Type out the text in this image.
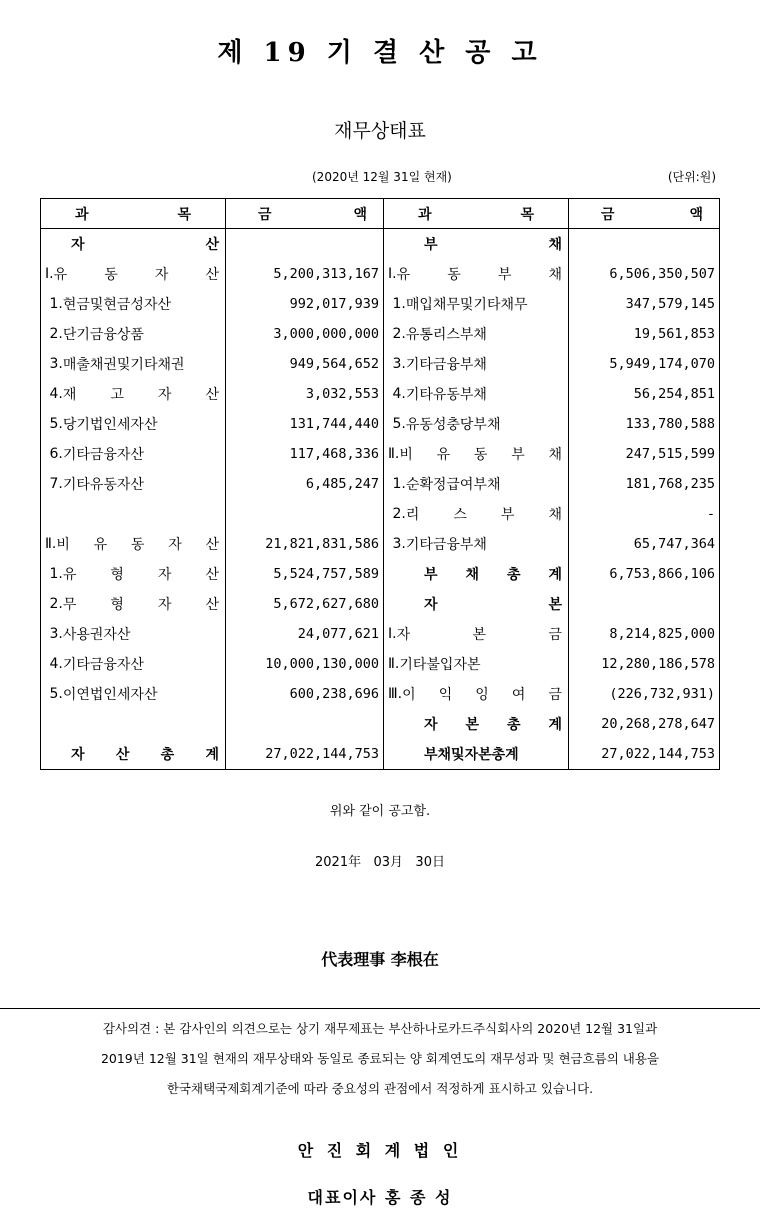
제 19 기 결 산 공 고
재무상태표
(2020년 12월 31일 현재)	(단위:원)
과 목	금 액	과 목	금 액

자 산		부 채	

Ⅰ. 유 동 자 산	5,200,313,167	Ⅰ. 유 동 부 채	6,506,350,507

1. 현금및현금성자산	992,017,939	1. 매입채무및기타채무	347,579,145

2. 단기금융상품	3,000,000,000	2. 유통리스부채	19,561,853

3. 매출채권및기타채권	949,564,652	3. 기타금융부채	5,949,174,070

4. 재 고 자 산	3,032,553	4. 기타유동부채	56,254,851

5. 당기법인세자산	131,744,440	5. 유동성충당부채	133,780,588

6. 기타금융자산	117,468,336	Ⅱ. 비 유 동 부 채	247,515,599

7. 기타유동자산	6,485,247	1. 순확정급여부채	181,768,235

		2. 리 스 부 채	-

Ⅱ. 비 유 동 자 산	21,821,831,586	3. 기타금융부채	65,747,364

1. 유 형 자 산	5,524,757,589	부 채 총 계	6,753,866,106

2. 무 형 자 산	5,672,627,680	자 본	

3. 사용권자산	24,077,621	Ⅰ. 자 본 금	8,214,825,000

4. 기타금융자산	10,000,130,000	Ⅱ. 기타불입자본	12,280,186,578

5. 이연법인세자산	600,238,696	Ⅲ. 이 익 잉 여 금	(226,732,931)

		자 본 총 계	20,268,278,647

자 산 총 계	27,022,144,753	부채및자본총계	27,022,144,753
위와 같이 공고함.
2021年   03月   30日
代表理事 李根在
감사의견 : 본 감사인의 의견으로는 상기 재무제표는 부산하나로카드주식회사의 2020년 12월 31일과
2019년 12월 31일 현재의 재무상태와 동일로 종료되는 양 회계연도의 재무성과 및 현금흐름의 내용을
한국채택국제회계기준에 따라 중요성의 관점에서 적정하게 표시하고 있습니다.
안 진 회 계 법 인
대표이사 홍 종 성
